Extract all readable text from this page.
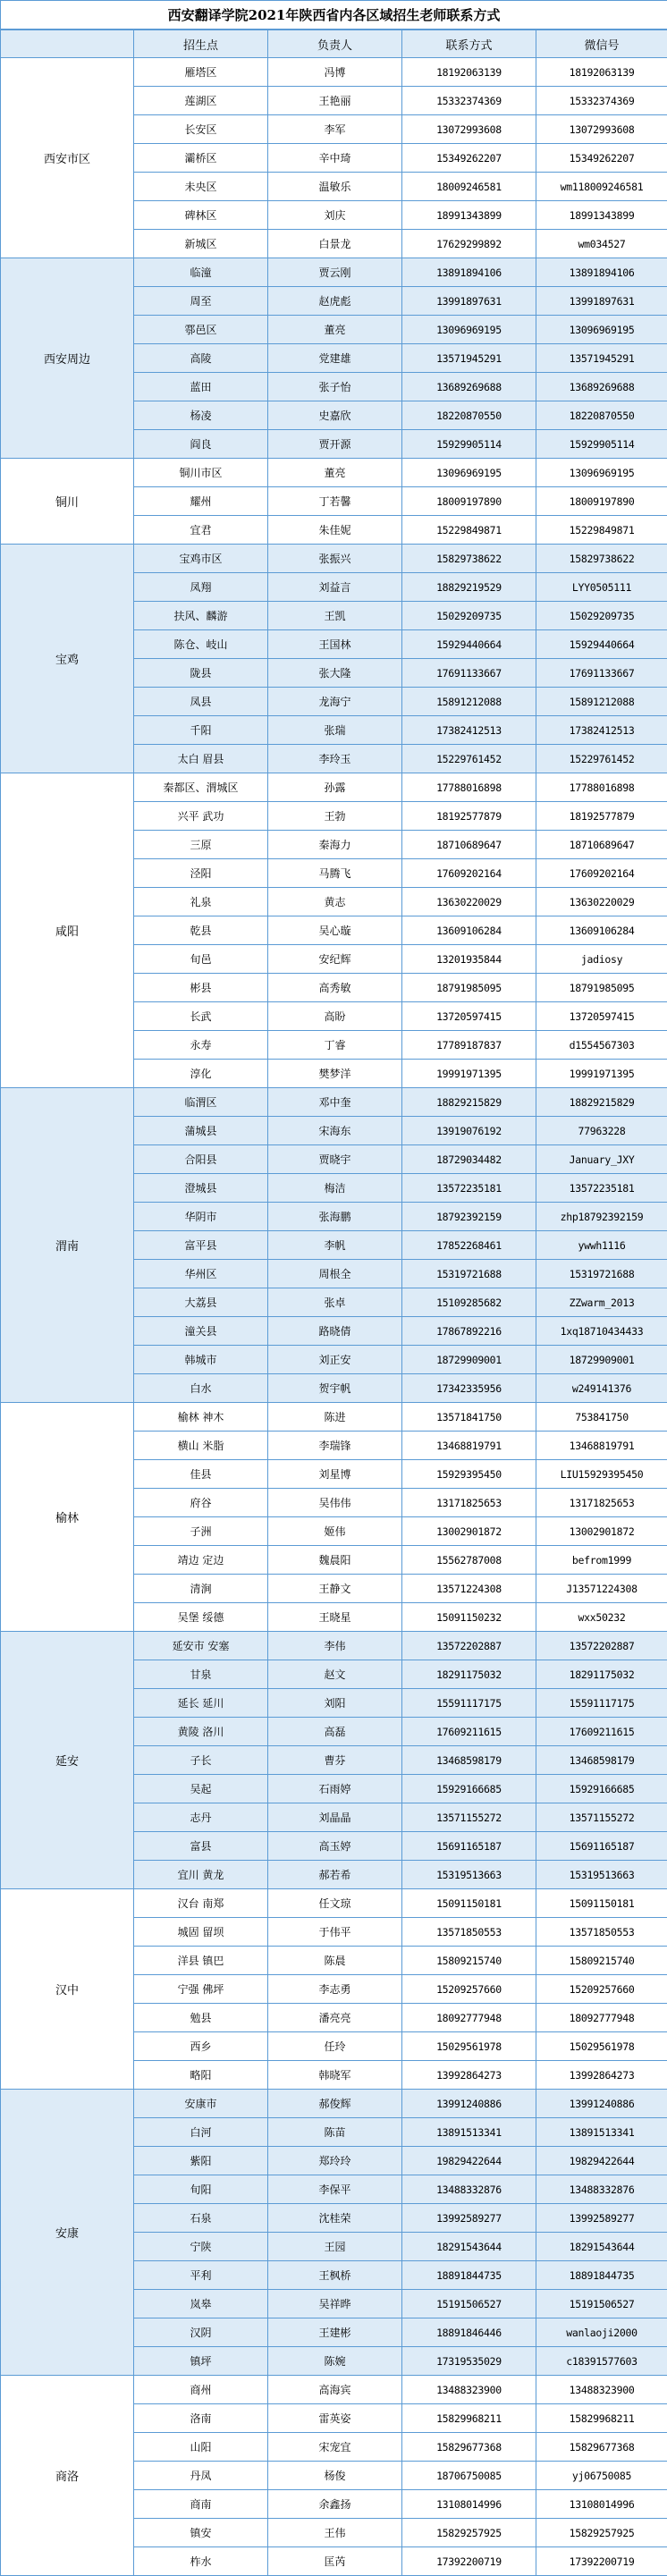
西安翻译学院2021年陕西省内各区域招生老师联系方式				
	招生点	负责人	联系方式	微信号
西安市区	雁塔区	冯博	18192063139	18192063139
	莲湖区	王艳丽	15332374369	15332374369
	长安区	李军	13072993608	13072993608
	灞桥区	辛中琦	15349262207	15349262207
	未央区	温敏乐	18009246581	wm118009246581
	碑林区	刘庆	18991343899	18991343899
	新城区	白景龙	17629299892	wm034527
西安周边	临潼	贾云刚	13891894106	13891894106
	周至	赵虎彪	13991897631	13991897631
	鄠邑区	董亮	13096969195	13096969195
	高陵	党建雄	13571945291	13571945291
	蓝田	张子怡	13689269688	13689269688
	杨凌	史嘉欣	18220870550	18220870550
	阎良	贾开源	15929905114	15929905114
铜川	铜川市区	董亮	13096969195	13096969195
	耀州	丁若馨	18009197890	18009197890
	宜君	朱佳妮	15229849871	15229849871
宝鸡	宝鸡市区	张振兴	15829738622	15829738622
	凤翔	刘益言	18829219529	LYY0505111
	扶风、麟游	王凯	15029209735	15029209735
	陈仓、岐山	王国林	15929440664	15929440664
	陇县	张大隆	17691133667	17691133667
	凤县	龙海宁	15891212088	15891212088
	千阳	张瑞	17382412513	17382412513
	太白 眉县	李玲玉	15229761452	15229761452
咸阳	秦都区、渭城区	孙露	17788016898	17788016898
	兴平 武功	王勃	18192577879	18192577879
	三原	秦海力	18710689647	18710689647
	泾阳	马腾飞	17609202164	17609202164
	礼泉	黄志	13630220029	13630220029
	乾县	吴心璇	13609106284	13609106284
	旬邑	安纪辉	13201935844	jadiosy
	彬县	高秀敏	18791985095	18791985095
	长武	高盼	13720597415	13720597415
	永寿	丁睿	17789187837	d1554567303
	淳化	樊梦洋	19991971395	19991971395
渭南	临渭区	邓中奎	18829215829	18829215829
	蒲城县	宋海东	13919076192	77963228
	合阳县	贾晓宇	18729034482	January_JXY
	澄城县	梅洁	13572235181	13572235181
	华阴市	张海鹏	18792392159	zhp18792392159
	富平县	李帆	17852268461	ywwh1116
	华州区	周根全	15319721688	15319721688
	大荔县	张卓	15109285682	ZZwarm_2013
	潼关县	路晓倩	17867892216	1xq18710434433
	韩城市	刘正安	18729909001	18729909001
	白水	贺宇帆	17342335956	w249141376
榆林	榆林 神木	陈进	13571841750	753841750
	横山 米脂	李瑞锋	13468819791	13468819791
	佳县	刘星博	15929395450	LIU15929395450
	府谷	吴伟伟	13171825653	13171825653
	子洲	姬伟	13002901872	13002901872
	靖边 定边	魏晨阳	15562787008	befrom1999
	清涧	王静文	13571224308	J13571224308
	吴堡 绥德	王晓星	15091150232	wxx50232
延安	延安市 安塞	李伟	13572202887	13572202887
	甘泉	赵文	18291175032	18291175032
	延长 延川	刘阳	15591117175	15591117175
	黄陵 洛川	高磊	17609211615	17609211615
	子长	曹芬	13468598179	13468598179
	吴起	石雨婷	15929166685	15929166685
	志丹	刘晶晶	13571155272	13571155272
	富县	高玉婷	15691165187	15691165187
	宜川 黄龙	郝若希	15319513663	15319513663
汉中	汉台 南郑	任文琼	15091150181	15091150181
	城固 留坝	于伟平	13571850553	13571850553
	洋县 镇巴	陈晨	15809215740	15809215740
	宁强 佛坪	李志勇	15209257660	15209257660
	勉县	潘亮亮	18092777948	18092777948
	西乡	任玲	15029561978	15029561978
	略阳	韩晓军	13992864273	13992864273
安康	安康市	郝俊辉	13991240886	13991240886
	白河	陈苗	13891513341	13891513341
	紫阳	郑玲玲	19829422644	19829422644
	旬阳	李保平	13488332876	13488332876
	石泉	沈桂荣	13992589277	13992589277
	宁陕	王园	18291543644	18291543644
	平利	王枫桥	18891844735	18891844735
	岚皋	吴祥晔	15191506527	15191506527
	汉阴	王建彬	18891846446	wanlaoji2000
	镇坪	陈婉	17319535029	c18391577603
商洛	商州	高海宾	13488323900	13488323900
	洛南	雷英姿	15829968211	15829968211
	山阳	宋宠宜	15829677368	15829677368
	丹凤	杨俊	18706750085	yj06750085
	商南	余鑫扬	13108014996	13108014996
	镇安	王伟	15829257925	15829257925
	柞水	匡芮	17392200719	17392200719
